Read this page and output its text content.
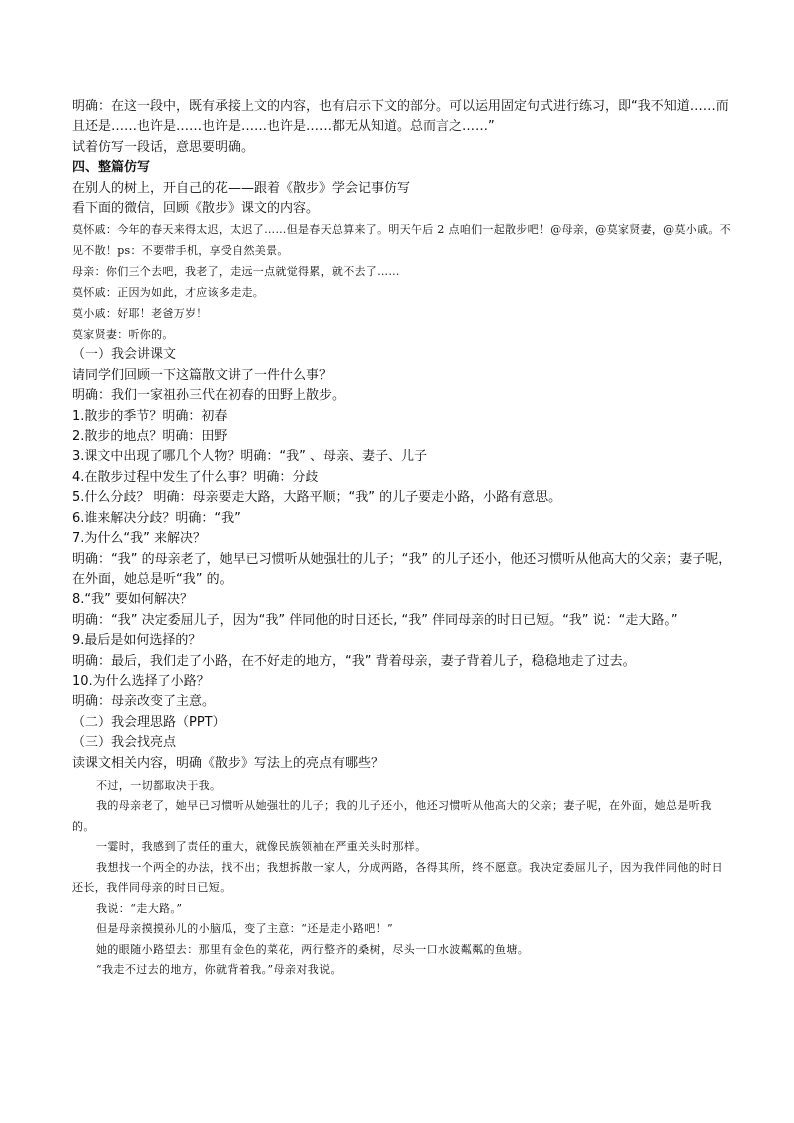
明确：在这一段中，既有承接上文的内容，也有启示下文的部分。可以运用固定句式进行练习，即“我不知道……而且还是……也许是……也许是……也许是……都无从知道。总而言之……”
试着仿写一段话，意思要明确。
四、整篇仿写
在别人的树上，开自己的花——跟着《散步》学会记事仿写
看下面的微信，回顾《散步》课文的内容。
莫怀戚：今年的春天来得太迟，太迟了……但是春天总算来了。明天午后 2 点咱们一起散步吧！@母亲，@莫家贤妻，@莫小戚。不见不散！ps：不要带手机，享受自然美景。
母亲：你们三个去吧，我老了，走远一点就觉得累，就不去了……
莫怀戚：正因为如此，才应该多走走。
莫小戚：好耶！老爸万岁！
莫家贤妻：听你的。
（一）我会讲课文
请同学们回顾一下这篇散文讲了一件什么事？
明确：我们一家祖孙三代在初春的田野上散步。
1.散步的季节？明确：初春
2.散步的地点？明确：田野
3.课文中出现了哪几个人物？明确：“我” 、母亲、妻子、儿子
4.在散步过程中发生了什么事？明确：分歧
5.什么分歧？ 明确：母亲要走大路，大路平顺；“我” 的儿子要走小路，小路有意思。
6.谁来解决分歧？明确：“我”
7.为什么“我” 来解决？
明确：“我” 的母亲老了，她早已习惯听从她强壮的儿子；“我” 的儿子还小，他还习惯听从他高大的父亲；妻子呢，在外面，她总是听“我” 的。
8.“我” 要如何解决？
明确：“我” 决定委屈儿子，因为“我” 伴同他的时日还长, “我” 伴同母亲的时日已短。“我” 说：“走大路。”
9.最后是如何选择的？
明确：最后，我们走了小路，在不好走的地方，“我” 背着母亲，妻子背着儿子，稳稳地走了过去。
10.为什么选择了小路？
明确：母亲改变了主意。
（二）我会理思路（PPT）
（三）我会找亮点
读课文相关内容，明确《散步》写法上的亮点有哪些？
不过，一切都取决于我。
我的母亲老了，她早已习惯听从她强壮的儿子；我的儿子还小，他还习惯听从他高大的父亲；妻子呢，在外面，她总是听我的。
一霎时，我感到了责任的重大，就像民族领袖在严重关头时那样。
我想找一个两全的办法，找不出；我想拆散一家人，分成两路，各得其所，终不愿意。我决定委屈儿子，因为我伴同他的时日还长，我伴同母亲的时日已短。
我说：“走大路。”
但是母亲摸摸孙儿的小脑瓜，变了主意：“还是走小路吧！”
她的眼随小路望去：那里有金色的菜花，两行整齐的桑树，尽头一口水波粼粼的鱼塘。
“我走不过去的地方，你就背着我。”母亲对我说。
